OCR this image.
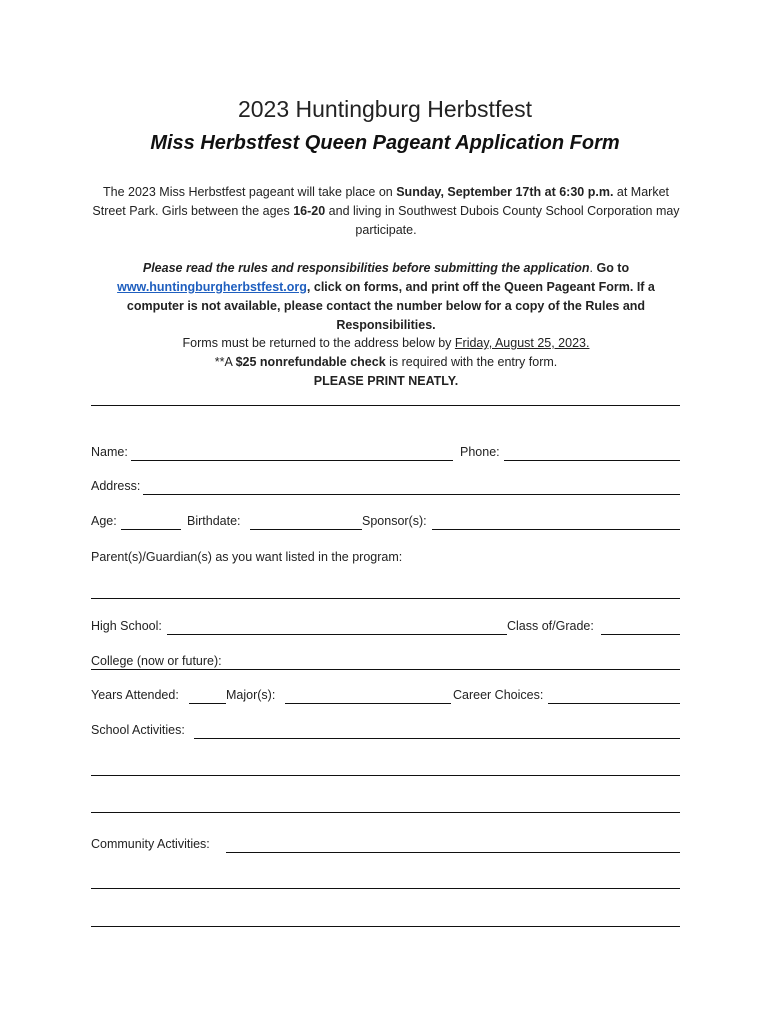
2023 Huntingburg Herbstfest
Miss Herbstfest Queen Pageant Application Form
The 2023 Miss Herbstfest pageant will take place on Sunday, September 17th at 6:30 p.m. at Market Street Park. Girls between the ages 16-20 and living in Southwest Dubois County School Corporation may participate.
Please read the rules and responsibilities before submitting the application. Go to www.huntingburgherbstfest.org, click on forms, and print off the Queen Pageant Form. If a computer is not available, please contact the number below for a copy of the Rules and Responsibilities.
Forms must be returned to the address below by Friday, August 25, 2023.
**A $25 nonrefundable check is required with the entry form.
PLEASE PRINT NEATLY.
Name:	Phone:
Address:
Age:	Birthdate:	Sponsor(s):
Parent(s)/Guardian(s) as you want listed in the program:
High School:	Class of/Grade:
College (now or future):
Years Attended:	Major(s):	Career Choices:
School Activities:
Community Activities:
